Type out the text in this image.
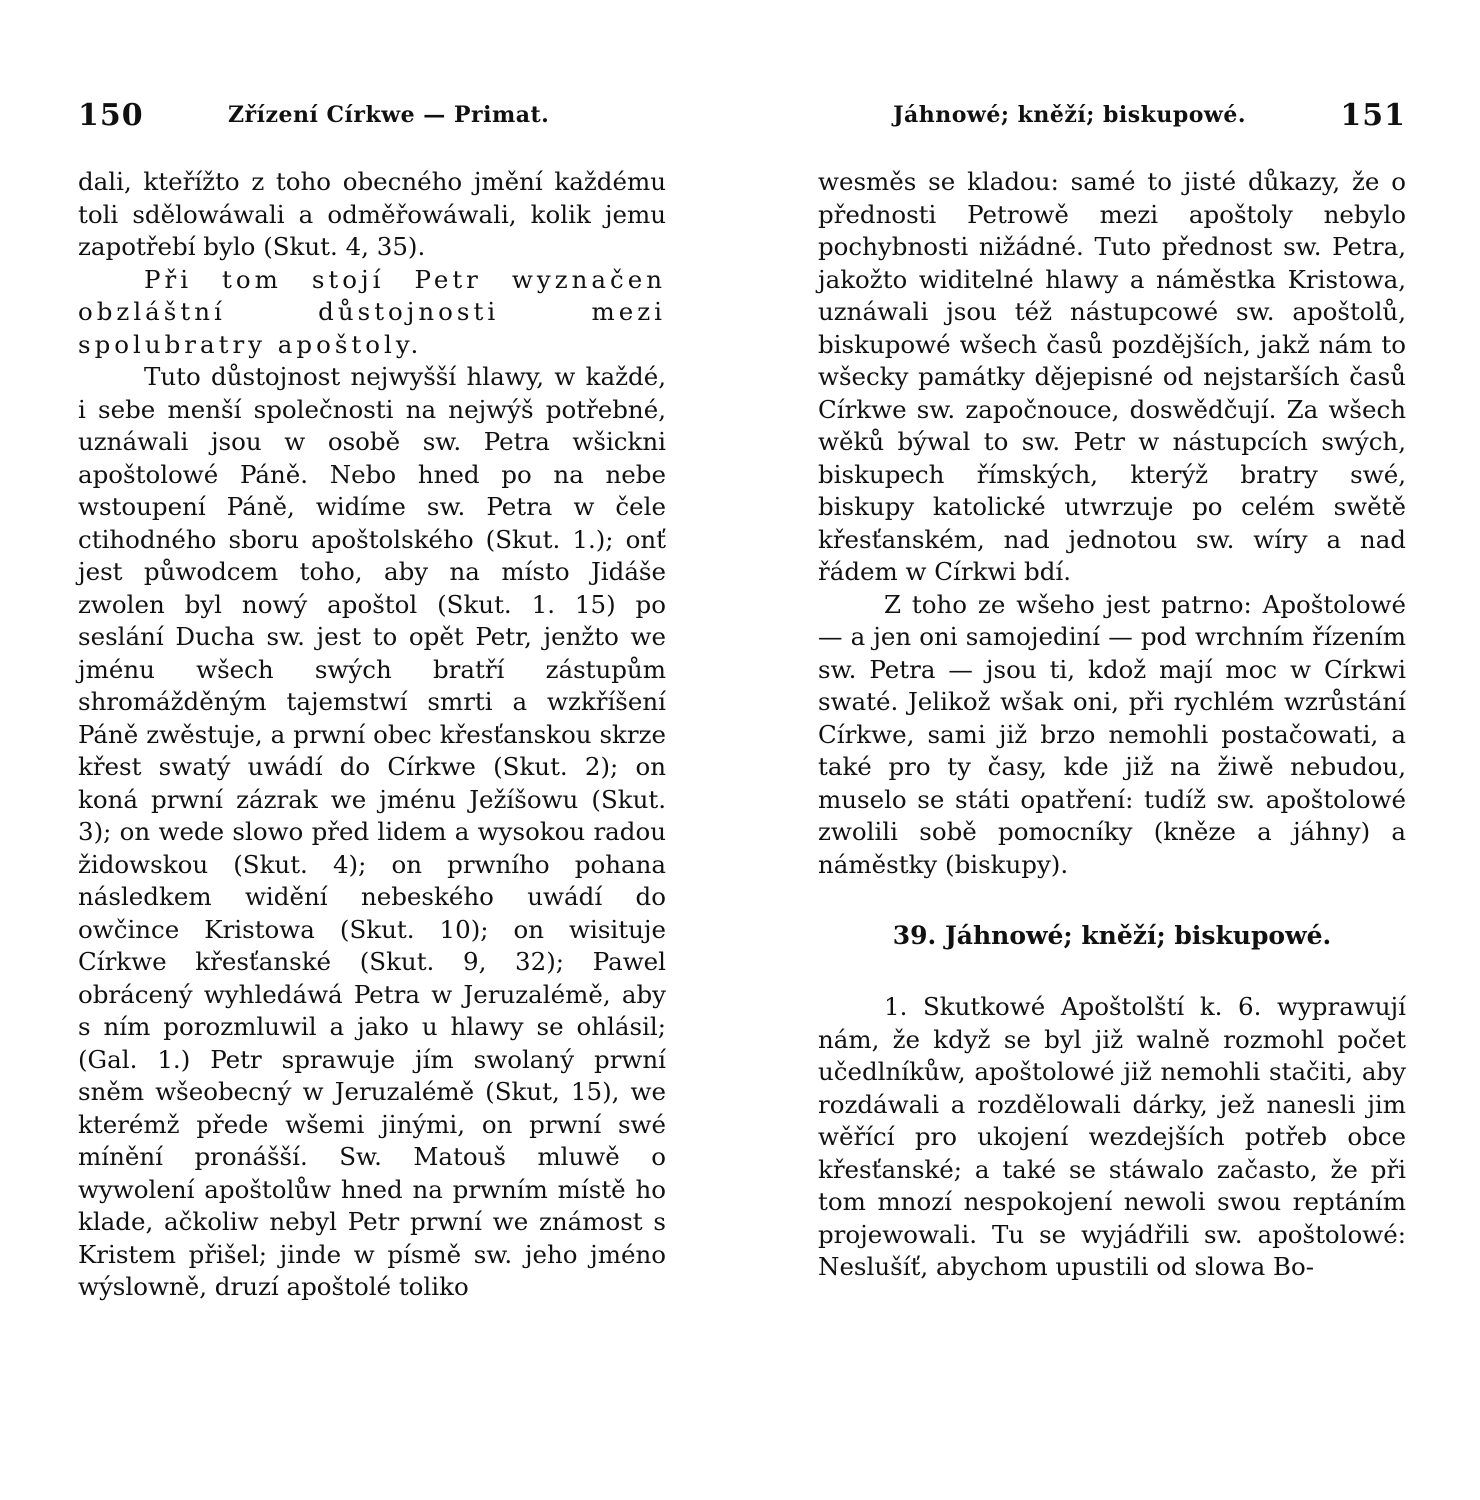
150	Zřízení Církwe — Primat.

dali, kteřížto z toho obecného jmění každému toli sdělowáwali a odměřowáwali, kolik jemu zapotřebí bylo (Skut. 4, 35).

Při tom stojí Petr wyznačen obzláštní důstojnosti mezi spolubratry apoštoly.

Tuto důstojnost nejwyšší hlawy, w každé, i sebe menší společnosti na nejwýš potřebné, uznáwali jsou w osobě sw. Petra wšickni apoštolowé Páně. Nebo hned po na nebe wstoupení Páně, widíme sw. Petra w čele ctihodného sboru apoštolského (Skut. 1.); onť jest půwodcem toho, aby na místo Jidáše zwolen byl nowý apoštol (Skut. 1. 15) po seslání Ducha sw. jest to opět Petr, jenžto we jménu wšech swých bratří zástupům shromážděným tajemstwí smrti a wzkříšení Páně zwěstuje, a prwní obec křesťanskou skrze křest swatý uwádí do Církwe (Skut. 2); on koná prwní zázrak we jménu Ježíšowu (Skut. 3); on wede slowo před lidem a wysokou radou židowskou (Skut. 4); on prwního pohana následkem widění nebeského uwádí do owčince Kristowa (Skut. 10); on wisituje Církwe křesťanské (Skut. 9, 32); Pawel obrácený wyhledáwá Petra w Jeruzalémě, aby s ním porozmluwil a jako u hlawy se ohlásil; (Gal. 1.) Petr sprawuje jím swolaný prwní sněm wšeobecný w Jeruzalémě (Skut, 15), we kterémž přede wšemi jinými, on prwní swé mínění pronášší. Sw. Matouš mluwě o wywolení apoštolůw hned na prwním místě ho klade, ačkoliw nebyl Petr prwní we známost s Kristem přišel; jinde w písmě sw. jeho jméno wýslowně, druzí apoštolé toliko

Jáhnowé; kněží; biskupowé.	151

wesměs se kladou: samé to jisté důkazy, že o přednosti Petrowě mezi apoštoly nebylo pochybnosti nižádné. Tuto přednost sw. Petra, jakožto widitelné hlawy a náměstka Kristowa, uznáwali jsou též nástupcowé sw. apoštolů, biskupowé wšech časů pozdějších, jakž nám to wšecky památky dějepisné od nejstarších časů Církwe sw. započnouce, doswědčují. Za wšech wěků býwal to sw. Petr w nástupcích swých, biskupech římských, kterýž bratry swé, biskupy katolické utwrzuje po celém swětě křesťanském, nad jednotou sw. wíry a nad řádem w Církwi bdí.

Z toho ze wšeho jest patrno: Apoštolowé — a jen oni samojediní — pod wrchním řízením sw. Petra — jsou ti, kdož mají moc w Církwi swaté. Jelikož wšak oni, při rychlém wzrůstání Církwe, sami již brzo nemohli postačowati, a také pro ty časy, kde již na žiwě nebudou, muselo se státi opatření: tudíž sw. apoštolowé zwolili sobě pomocníky (kněze a jáhny) a náměstky (biskupy).

39. Jáhnowé; kněží; biskupowé.

1. Skutkowé Apoštolští k. 6. wyprawují nám, že když se byl již walně rozmohl počet učedlníkůw, apoštolowé již nemohli stačiti, aby rozdáwali a rozdělowali dárky, jež nanesli jim wěřící pro ukojení wezdejších potřeb obce křesťanské; a také se stáwalo začasto, že při tom mnozí nespokojení newoli swou reptáním projewowali. Tu se wyjádřili sw. apoštolowé: Neslušíť, abychom upustili od slowa Bo-
